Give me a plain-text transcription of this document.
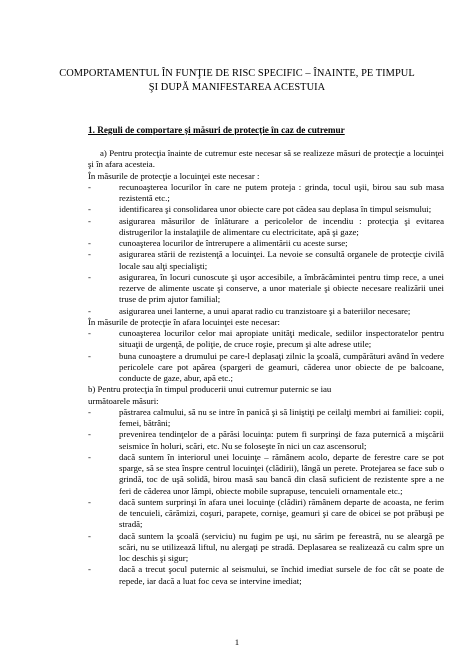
COMPORTAMENTUL ÎN FUNŢIE DE RISC SPECIFIC – ÎNAINTE, PE TIMPUL
ŞI DUPĂ MANIFESTAREA ACESTUIA
1. Reguli de comportare şi măsuri de protecţie în caz de cutremur
a) Pentru protecţia înainte de cutremur este necesar să se realizeze măsuri de protecţie a locuinţei şi în afara acesteia.
În măsurile de protecţie a locuinţei este necesar :
-	recunoaşterea locurilor în care ne putem proteja : grinda, tocul uşii, birou sau sub masa rezistentă etc.;
-	identificarea şi consolidarea unor obiecte care pot cădea sau deplasa în timpul seismului;
-	asigurarea măsurilor de înlăturare a pericolelor de incendiu : protecţia şi evitarea distrugerilor la instalaţiile de alimentare cu electricitate, apă şi gaze;
-	cunoaşterea locurilor de întrerupere a alimentării cu aceste surse;
-	asigurarea stării de rezistenţă a locuinţei. La nevoie se consultă organele de protecţie civilă locale sau alţi specialişti;
-	asigurarea, în locuri cunoscute şi uşor accesibile, a îmbrăcămintei pentru timp rece, a unei rezerve de alimente uscate şi conserve, a unor materiale şi obiecte necesare realizării unei truse de prim ajutor familial;
-	asigurarea unei lanterne, a unui aparat radio cu tranzistoare şi a bateriilor necesare;
În măsurile de protecţie în afara locuinţei este necesar:
-	cunoaşterea locurilor celor mai apropiate unităţi medicale, sediilor inspectoratelor pentru situaţii de urgenţă, de poliţie, de cruce roşie, precum şi alte adrese utile;
-	buna cunoaştere a drumului pe care-l deplasaţi zilnic la şcoală, cumpărături având în vedere pericolele care pot apărea (spargeri de geamuri, căderea unor obiecte de pe balcoane, conducte de gaze, abur, apă etc.;
b) Pentru protecţia în timpul producerii unui cutremur puternic se iau
următoarele măsuri:
-	păstrarea calmului, să nu se intre în panică şi să liniştiţi pe ceilalţi membri ai familiei: copii, femei, bătrâni;
-	prevenirea tendinţelor de a părăsi locuinţa: putem fi surprinşi de faza puternică a mişcării seismice în holuri, scări, etc. Nu se foloseşte în nici un caz ascensorul;
-	dacă suntem în interiorul unei locuinţe – rămânem acolo, departe de ferestre care se pot sparge, să se stea înspre centrul locuinţei (clădirii), lângă un perete. Protejarea se face sub o grindă, toc de uşă solidă, birou masă sau bancă din clasă suficient de rezistente spre a ne feri de căderea unor lămpi, obiecte mobile suprapuse, tencuieli ornamentale etc.;
-	dacă suntem surprinşi în afara unei locuinţe (clădiri) rămânem departe de acoasta, ne ferim de tencuieli, cărămizi, coşuri, parapete, cornişe, geamuri şi care de obicei se pot prăbuşi pe stradă;
-	dacă suntem la şcoală (serviciu) nu fugim pe uşi, nu sărim pe fereastră, nu se aleargă pe scări, nu se utilizează liftul, nu alergaţi pe stradă. Deplasarea se realizează cu calm spre un loc deschis şi sigur;
-	dacă a trecut şocul puternic al seismului, se închid imediat sursele de foc cât se poate de repede, iar dacă a luat foc ceva se intervine imediat;
1
